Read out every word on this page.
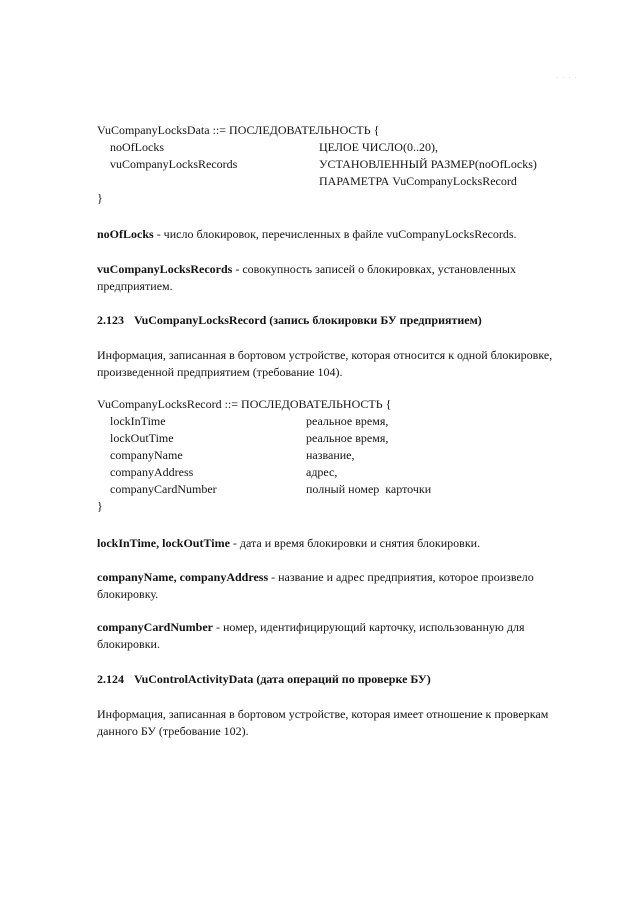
· · · ·
VuCompanyLocksData ::= ПОСЛЕДОВАТЕЛЬНОСТЬ {
noOfLocks	ЦЕЛОЕ ЧИСЛО(0..20),
vuCompanyLocksRecords	УСТАНОВЛЕННЫЙ РАЗМЕР(noOfLocks)
ПАРАМЕТРА VuCompanyLocksRecord
}
noOfLocks - число блокировок, перечисленных в файле vuCompanyLocksRecords.
vuCompanyLocksRecords - совокупность записей о блокировках, установленных
предприятием.
2.123 VuCompanyLocksRecord (запись блокировки БУ предприятием)
Информация, записанная в бортовом устройстве, которая относится к одной блокировке,
произведенной предприятием (требование 104).
VuCompanyLocksRecord ::= ПОСЛЕДОВАТЕЛЬНОСТЬ {
lockInTime	реальное время,
lockOutTime	реальное время,
companyName	название,
companyAddress	адрес,
companyCardNumber	полный номер  карточки
}
lockInTime, lockOutTime - дата и время блокировки и снятия блокировки.
companyName, companyAddress - название и адрес предприятия, которое произвело
блокировку.
companyCardNumber - номер, идентифицирующий карточку, использованную для
блокировки.
2.124 VuControlActivityData (дата операций по проверке БУ)
Информация, записанная в бортовом устройстве, которая имеет отношение к проверкам
данного БУ (требование 102).
